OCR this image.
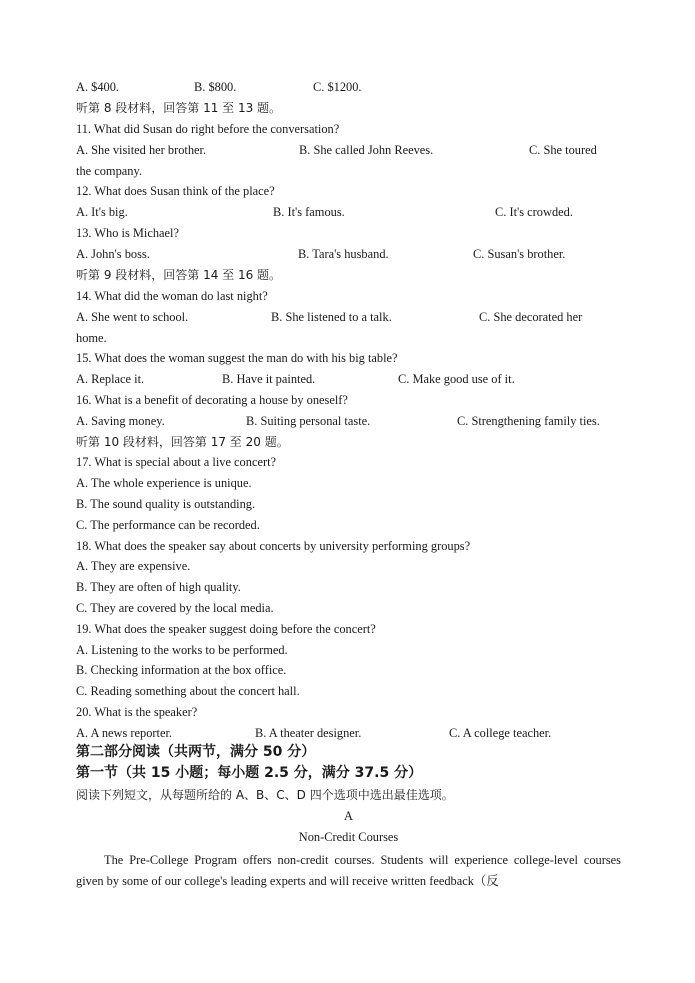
A. $400.	B. $800.	C. $1200.
听第 8 段材料，回答第 11 至 13 题。
11. What did Susan do right before the conversation?
A. She visited her brother.	B. She called John Reeves.	C. She toured
the company.
12. What does Susan think of the place?
A. It's big.	B. It's famous.	C. It's crowded.
13. Who is Michael?
A. John's boss.	B. Tara's husband.	C. Susan's brother.
听第 9 段材料，回答第 14 至 16 题。
14. What did the woman do last night?
A. She went to school.	B. She listened to a talk.	C. She decorated her
home.
15. What does the woman suggest the man do with his big table?
A. Replace it.	B. Have it painted.	C. Make good use of it.
16. What is a benefit of decorating a house by oneself?
A. Saving money.	B. Suiting personal taste.	C. Strengthening family ties.
听第 10 段材料，回答第 17 至 20 题。
17. What is special about a live concert?
A. The whole experience is unique.
B. The sound quality is outstanding.
C. The performance can be recorded.
18. What does the speaker say about concerts by university performing groups?
A. They are expensive.
B. They are often of high quality.
C. They are covered by the local media.
19. What does the speaker suggest doing before the concert?
A. Listening to the works to be performed.
B. Checking information at the box office.
C. Reading something about the concert hall.
20. What is the speaker?
A. A news reporter.	B. A theater designer.	C. A college teacher.
第二部分阅读（共两节，满分 50 分）
第一节（共 15 小题；每小题 2.5 分，满分 37.5 分）
阅读下列短文，从每题所给的 A、B、C、D 四个选项中选出最佳选项。
A
Non-Credit Courses
The Pre-College Program offers non-credit courses. Students will experience college-level courses given by some of our college's leading experts and will receive written feedback（反
